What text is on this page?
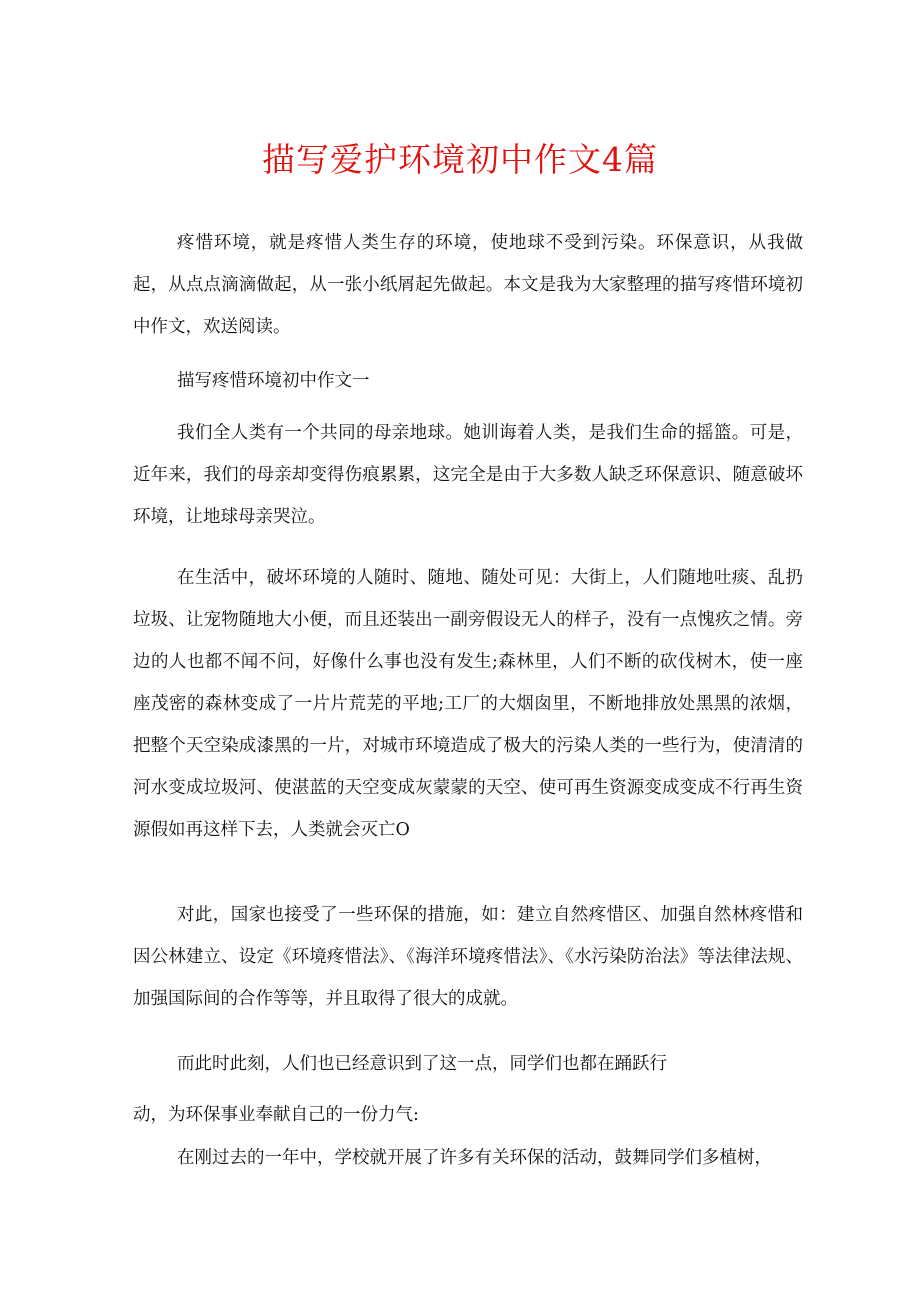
描写爱护环境初中作文4篇

疼惜环境，就是疼惜人类生存的环境，使地球不受到污染。环保意识，从我做起，从点点滴滴做起，从一张小纸屑起先做起。本文是我为大家整理的描写疼惜环境初中作文，欢送阅读。

描写疼惜环境初中作文一

我们全人类有一个共同的母亲地球。她训诲着人类，是我们生命的摇篮。可是，近年来，我们的母亲却变得伤痕累累，这完全是由于大多数人缺乏环保意识、随意破坏环境，让地球母亲哭泣。

在生活中，破坏环境的人随时、随地、随处可见：大街上，人们随地吐痰、乱扔垃圾、让宠物随地大小便，而且还装出一副旁假设无人的样子，没有一点愧疚之情。旁边的人也都不闻不问，好像什么事也没有发生;森林里，人们不断的砍伐树木，使一座座茂密的森林变成了一片片荒芜的平地;工厂的大烟囱里，不断地排放处黑黑的浓烟，把整个天空染成漆黑的一片，对城市环境造成了极大的污染人类的一些行为，使清清的河水变成垃圾河、使湛蓝的天空变成灰蒙蒙的天空、使可再生资源变成变成不行再生资源假如再这样下去，人类就会灭亡O

对此，国家也接受了一些环保的措施，如：建立自然疼惜区、加强自然林疼惜和因公林建立、设定《环境疼惜法》、《海洋环境疼惜法》、《水污染防治法》等法律法规、加强国际间的合作等等，并且取得了很大的成就。

而此时此刻，人们也已经意识到了这一点，同学们也都在踊跃行

动，为环保事业奉献自己的一份力气:

在刚过去的一年中，学校就开展了许多有关环保的活动，鼓舞同学们多植树，
